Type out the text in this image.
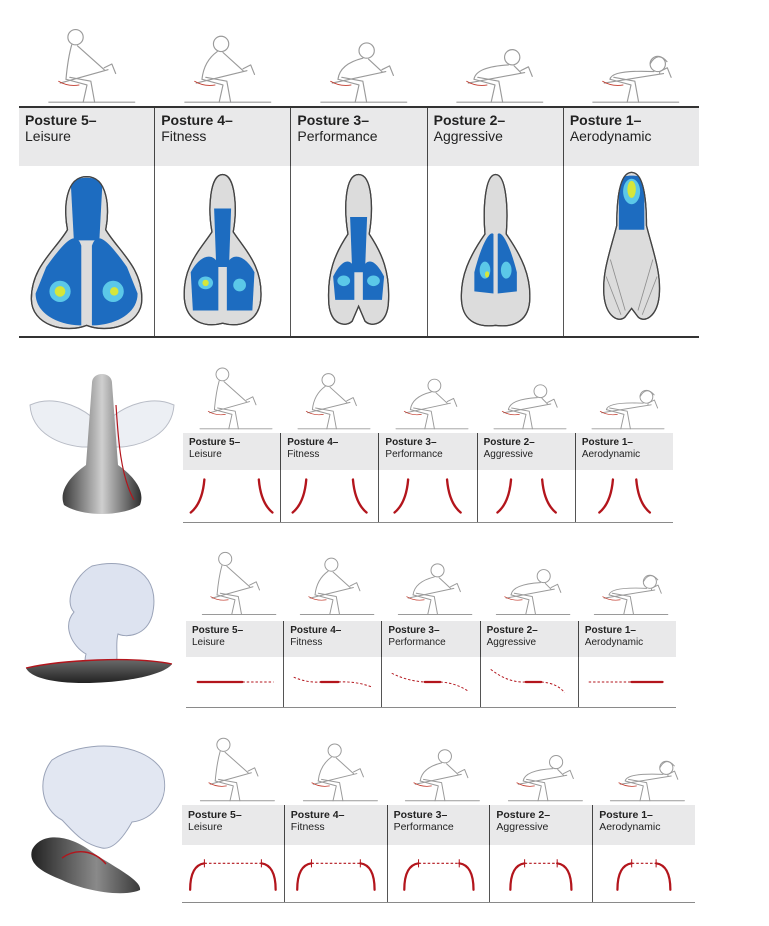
Posture 5–
Leisure
Posture 4–
Fitness
Posture 3–
Performance
Posture 2–
Aggressive
Posture 1–
Aerodynamic
Posture 5–
Leisure
Posture 4–
Fitness
Posture 3–
Performance
Posture 2–
Aggressive
Posture 1–
Aerodynamic
Posture 5–
Leisure
Posture 4–
Fitness
Posture 3–
Performance
Posture 2–
Aggressive
Posture 1–
Aerodynamic
Posture 5–
Leisure
Posture 4–
Fitness
Posture 3–
Performance
Posture 2–
Aggressive
Posture 1–
Aerodynamic
